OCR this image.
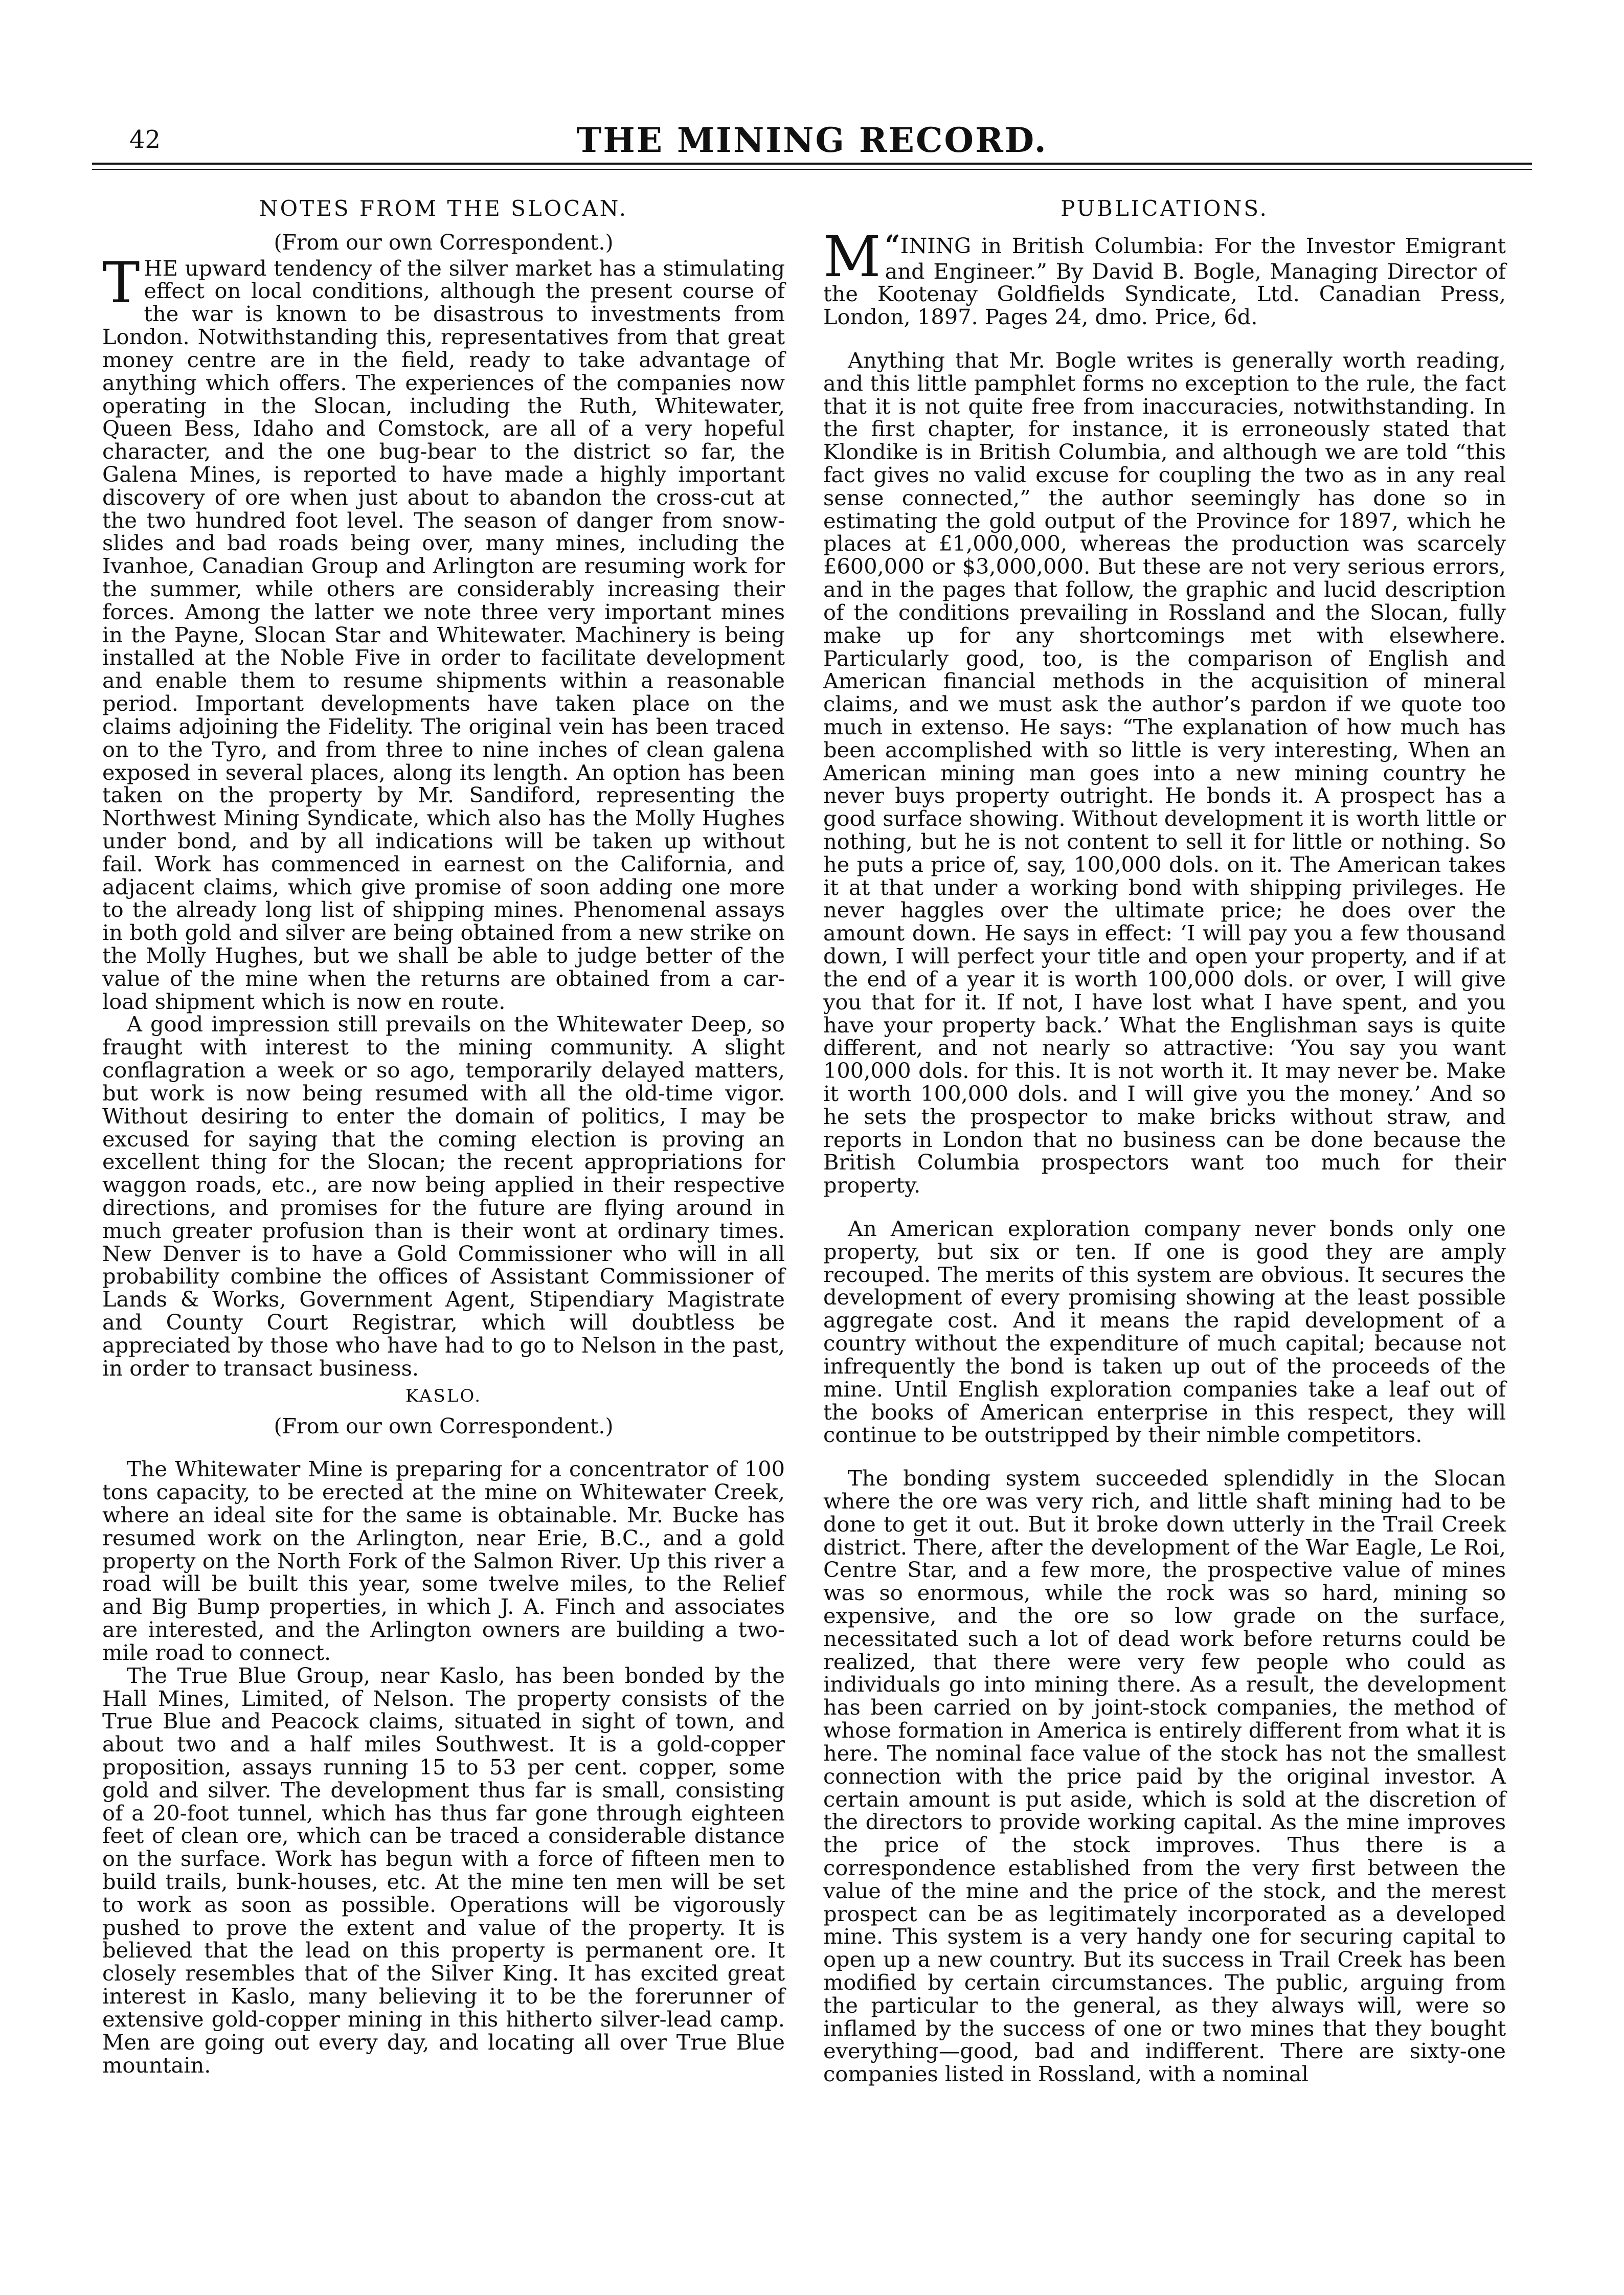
42	THE MINING RECORD.
NOTES FROM THE SLOCAN.

(From our own Correspondent.)

THE upward tendency of the silver market has a stimulating effect on local conditions, although the present course of the war is known to be disastrous to investments from London. Notwithstanding this, representatives from that great money centre are in the field, ready to take advantage of anything which offers. The experiences of the companies now operating in the Slocan, including the Ruth, Whitewater, Queen Bess, Idaho and Comstock, are all of a very hopeful character, and the one bug-bear to the district so far, the Galena Mines, is reported to have made a highly important discovery of ore when just about to abandon the cross-cut at the two hundred foot level. The season of danger from snow-slides and bad roads being over, many mines, including the Ivanhoe, Canadian Group and Arlington are resuming work for the summer, while others are considerably increasing their forces. Among the latter we note three very important mines in the Payne, Slocan Star and Whitewater. Machinery is being installed at the Noble Five in order to facilitate development and enable them to resume shipments within a reasonable period. Important developments have taken place on the claims adjoining the Fidelity. The original vein has been traced on to the Tyro, and from three to nine inches of clean galena exposed in several places, along its length. An option has been taken on the property by Mr. Sandiford, representing the Northwest Mining Syndicate, which also has the Molly Hughes under bond, and by all indications will be taken up without fail. Work has commenced in earnest on the California, and adjacent claims, which give promise of soon adding one more to the already long list of shipping mines. Phenomenal assays in both gold and silver are being obtained from a new strike on the Molly Hughes, but we shall be able to judge better of the value of the mine when the returns are obtained from a car-load shipment which is now en route.

A good impression still prevails on the Whitewater Deep, so fraught with interest to the mining community. A slight conflagration a week or so ago, temporarily delayed matters, but work is now being resumed with all the old-time vigor. Without desiring to enter the domain of politics, I may be excused for saying that the coming election is proving an excellent thing for the Slocan; the recent appropriations for waggon roads, etc., are now being applied in their respective directions, and promises for the future are flying around in much greater profusion than is their wont at ordinary times. New Denver is to have a Gold Commissioner who will in all probability combine the offices of Assistant Commissioner of Lands & Works, Government Agent, Stipendiary Magistrate and County Court Registrar, which will doubtless be appreciated by those who have had to go to Nelson in the past, in order to transact business.

KASLO.

(From our own Correspondent.)

The Whitewater Mine is preparing for a concentrator of 100 tons capacity, to be erected at the mine on Whitewater Creek, where an ideal site for the same is obtainable. Mr. Bucke has resumed work on the Arlington, near Erie, B.C., and a gold property on the North Fork of the Salmon River. Up this river a road will be built this year, some twelve miles, to the Relief and Big Bump properties, in which J. A. Finch and associates are interested, and the Arlington owners are building a two-mile road to connect.

The True Blue Group, near Kaslo, has been bonded by the Hall Mines, Limited, of Nelson. The property consists of the True Blue and Peacock claims, situated in sight of town, and about two and a half miles Southwest. It is a gold-copper proposition, assays running 15 to 53 per cent. copper, some gold and silver. The development thus far is small, consisting of a 20-foot tunnel, which has thus far gone through eighteen feet of clean ore, which can be traced a considerable distance on the surface. Work has begun with a force of fifteen men to build trails, bunk-houses, etc. At the mine ten men will be set to work as soon as possible. Operations will be vigorously pushed to prove the extent and value of the property. It is believed that the lead on this property is permanent ore. It closely resembles that of the Silver King. It has excited great interest in Kaslo, many believing it to be the forerunner of extensive gold-copper mining in this hitherto silver-lead camp. Men are going out every day, and locating all over True Blue mountain.

PUBLICATIONS.

“
M INING in British Columbia: For the Investor Emigrant and Engineer.” By David B. Bogle, Managing Director of the Kootenay Goldfields Syndicate, Ltd. Canadian Press, London, 1897. Pages 24, dmo. Price, 6d.

Anything that Mr. Bogle writes is generally worth reading, and this little pamphlet forms no exception to the rule, the fact that it is not quite free from inaccuracies, notwithstanding. In the first chapter, for instance, it is erroneously stated that Klondike is in British Columbia, and although we are told “this fact gives no valid excuse for coupling the two as in any real sense connected,” the author seemingly has done so in estimating the gold output of the Province for 1897, which he places at £1,000,000, whereas the production was scarcely £600,000 or $3,000,000. But these are not very serious errors, and in the pages that follow, the graphic and lucid description of the conditions prevailing in Rossland and the Slocan, fully make up for any shortcomings met with elsewhere. Particularly good, too, is the comparison of English and American financial methods in the acquisition of mineral claims, and we must ask the author’s pardon if we quote too much in extenso. He says: “The explanation of how much has been accomplished with so little is very interesting, When an American mining man goes into a new mining country he never buys property outright. He bonds it. A prospect has a good surface showing. Without development it is worth little or nothing, but he is not content to sell it for little or nothing. So he puts a price of, say, 100,000 dols. on it. The American takes it at that under a working bond with shipping privileges. He never haggles over the ultimate price; he does over the amount down. He says in effect: ‘I will pay you a few thousand down, I will perfect your title and open your property, and if at the end of a year it is worth 100,000 dols. or over, I will give you that for it. If not, I have lost what I have spent, and you have your property back.’ What the Englishman says is quite different, and not nearly so attractive: ‘You say you want 100,000 dols. for this. It is not worth it. It may never be. Make it worth 100,000 dols. and I will give you the money.’ And so he sets the prospector to make bricks without straw, and reports in London that no business can be done because the British Columbia prospectors want too much for their property.

An American exploration company never bonds only one property, but six or ten. If one is good they are amply recouped. The merits of this system are obvious. It secures the development of every promising showing at the least possible aggregate cost. And it means the rapid development of a country without the expenditure of much capital; because not infrequently the bond is taken up out of the proceeds of the mine. Until English exploration companies take a leaf out of the books of American enterprise in this respect, they will continue to be outstripped by their nimble competitors.

The bonding system succeeded splendidly in the Slocan where the ore was very rich, and little shaft mining had to be done to get it out. But it broke down utterly in the Trail Creek district. There, after the development of the War Eagle, Le Roi, Centre Star, and a few more, the prospective value of mines was so enormous, while the rock was so hard, mining so expensive, and the ore so low grade on the surface, necessitated such a lot of dead work before returns could be realized, that there were very few people who could as individuals go into mining there. As a result, the development has been carried on by joint-stock companies, the method of whose formation in America is entirely different from what it is here. The nominal face value of the stock has not the smallest connection with the price paid by the original investor. A certain amount is put aside, which is sold at the discretion of the directors to provide working capital. As the mine improves the price of the stock improves. Thus there is a correspondence established from the very first between the value of the mine and the price of the stock, and the merest prospect can be as legitimately incorporated as a developed mine. This system is a very handy one for securing capital to open up a new country. But its success in Trail Creek has been modified by certain circumstances. The public, arguing from the particular to the general, as they always will, were so inflamed by the success of one or two mines that they bought everything—good, bad and indifferent. There are sixty-one companies listed in Rossland, with a nominal
